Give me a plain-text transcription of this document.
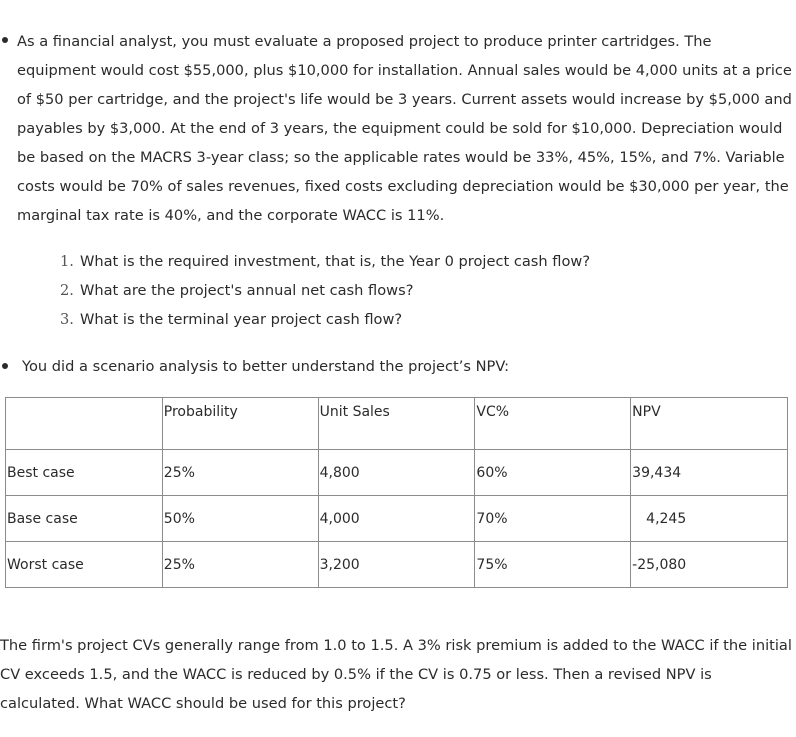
As a financial analyst, you must evaluate a proposed project to produce printer cartridges. The equipment would cost $55,000, plus $10,000 for installation. Annual sales would be 4,000 units at a price of $50 per cartridge, and the project's life would be 3 years. Current assets would increase by $5,000 and payables by $3,000. At the end of 3 years, the equipment could be sold for $10,000. Depreciation would be based on the MACRS 3-year class; so the applicable rates would be 33%, 45%, 15%, and 7%. Variable costs would be 70% of sales revenues, fixed costs excluding depreciation would be $30,000 per year, the marginal tax rate is 40%, and the corporate WACC is 11%.

1. What is the required investment, that is, the Year 0 project cash flow?
2. What are the project's annual net cash flows?
3. What is the terminal year project cash flow?

You did a scenario analysis to better understand the project’s NPV:

	Probability	Unit Sales	VC%	NPV
Best case	25%	4,800	60%	39,434
Base case	50%	4,000	70%	4,245
Worst case	25%	3,200	75%	-25,080

The firm's project CVs generally range from 1.0 to 1.5. A 3% risk premium is added to the WACC if the initial CV exceeds 1.5, and the WACC is reduced by 0.5% if the CV is 0.75 or less. Then a revised NPV is calculated. What WACC should be used for this project?
